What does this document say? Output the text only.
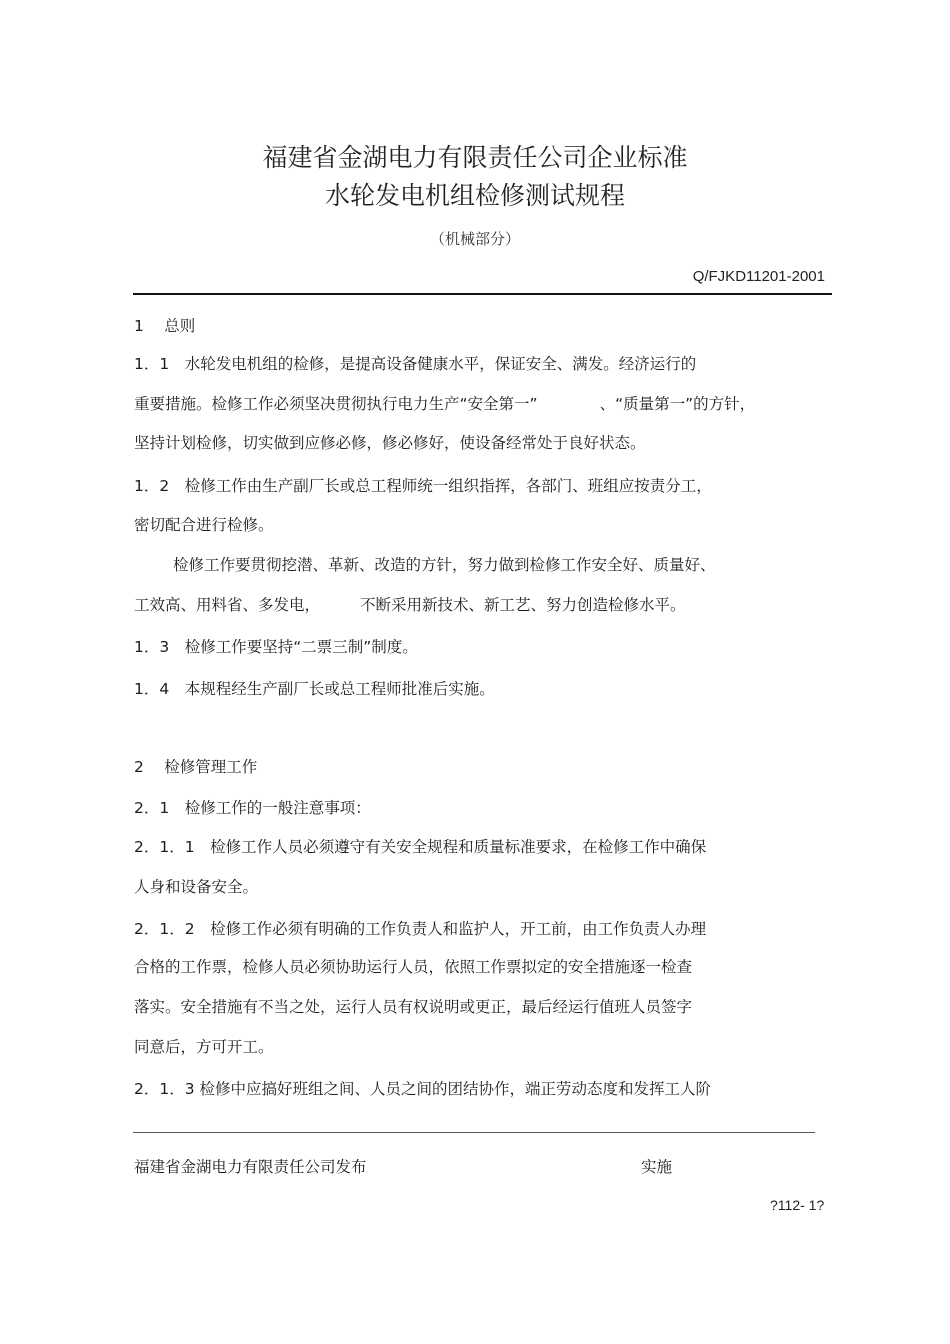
福建省金湖电力有限责任公司企业标准
水轮发电机组检修测试规程
（机械部分）
Q/FJKD11201-2001
1　 总则
1．1　水轮发电机组的检修，是提高设备健康水平，保证安全、满发。经济运行的
重要措施。检修工作必须坚决贯彻执行电力生产“安全第一”	、“质量第一”的方针，
坚持计划检修，切实做到应修必修，修必修好，使设备经常处于良好状态。
1．2　检修工作由生产副厂长或总工程师统一组织指挥，各部门、班组应按责分工，
密切配合进行检修。
检修工作要贯彻挖潜、革新、改造的方针，努力做到检修工作安全好、质量好、
工效高、用料省、多发电，	不断采用新技术、新工艺、努力创造检修水平。
1．3　检修工作要坚持“二票三制”制度。
1．4　本规程经生产副厂长或总工程师批准后实施。
2　 检修管理工作
2．1　检修工作的一般注意事项：
2．1．1　检修工作人员必须遵守有关安全规程和质量标准要求，在检修工作中确保
人身和设备安全。
2．1．2　检修工作必须有明确的工作负责人和监护人，开工前，由工作负责人办理
合格的工作票，检修人员必须协助运行人员，依照工作票拟定的安全措施逐一检查
落实。安全措施有不当之处，运行人员有权说明或更正，最后经运行值班人员签字
同意后，方可开工。
2．1．3 检修中应搞好班组之间、人员之间的团结协作，端正劳动态度和发挥工人阶
福建省金湖电力有限责任公司发布	实施
?112- 1?
